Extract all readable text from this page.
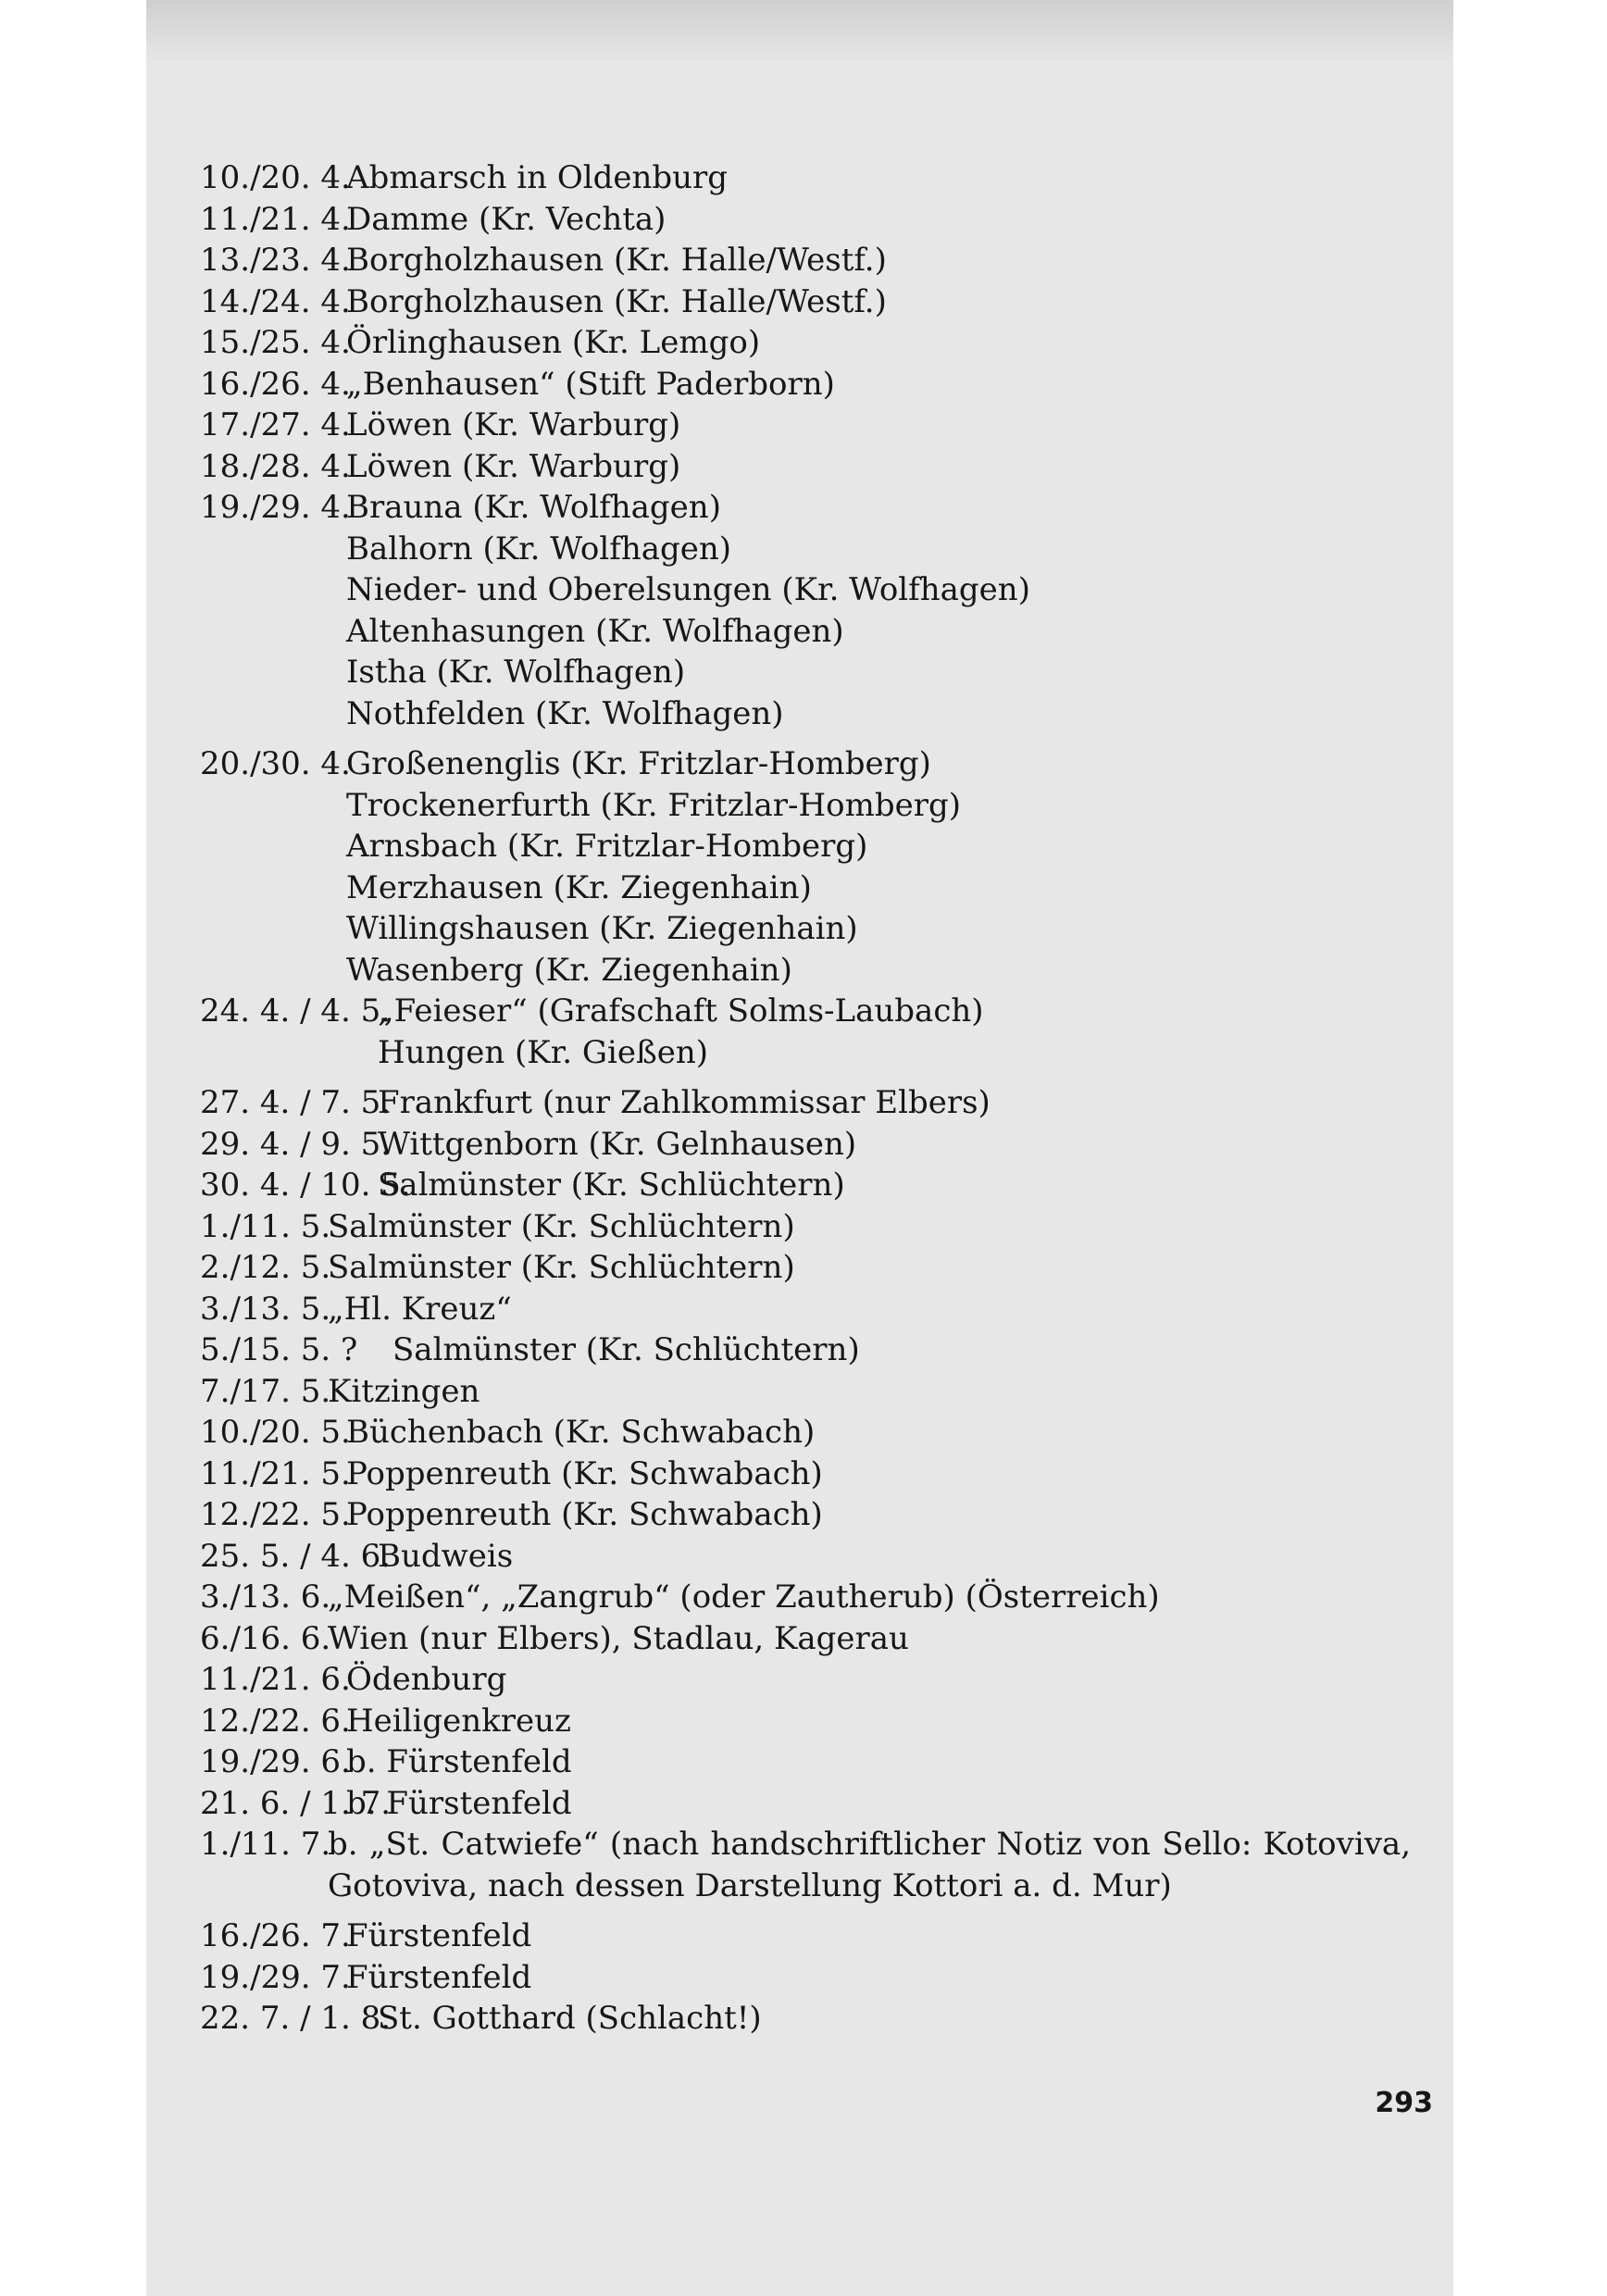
10./20. 4.
Abmarsch in Oldenburg
11./21. 4.
Damme (Kr. Vechta)
13./23. 4.
Borgholzhausen (Kr. Halle/Westf.)
14./24. 4.
Borgholzhausen (Kr. Halle/Westf.)
15./25. 4.
Örlinghausen (Kr. Lemgo)
16./26. 4.
„Benhausen“ (Stift Paderborn)
17./27. 4.
Löwen (Kr. Warburg)
18./28. 4.
Löwen (Kr. Warburg)
19./29. 4.
Brauna (Kr. Wolfhagen)
Balhorn (Kr. Wolfhagen)
Nieder- und Oberelsungen (Kr. Wolfhagen)
Altenhasungen (Kr. Wolfhagen)
Istha (Kr. Wolfhagen)
Nothfelden (Kr. Wolfhagen)
20./30. 4.
Großenenglis (Kr. Fritzlar-Homberg)
Trockenerfurth (Kr. Fritzlar-Homberg)
Arnsbach (Kr. Fritzlar-Homberg)
Merzhausen (Kr. Ziegenhain)
Willingshausen (Kr. Ziegenhain)
Wasenberg (Kr. Ziegenhain)
24. 4. / 4. 5.
„Feieser“ (Grafschaft Solms-Laubach)
Hungen (Kr. Gießen)
27. 4. / 7. 5.
Frankfurt (nur Zahlkommissar Elbers)
29. 4. / 9. 5.
Wittgenborn (Kr. Gelnhausen)
30. 4. / 10. 5.
Salmünster (Kr. Schlüchtern)
1./11. 5.
Salmünster (Kr. Schlüchtern)
2./12. 5.
Salmünster (Kr. Schlüchtern)
3./13. 5.
„Hl. Kreuz“
5./15. 5. ? Salmünster (Kr. Schlüchtern)
7./17. 5.
Kitzingen
10./20. 5.
Büchenbach (Kr. Schwabach)
11./21. 5.
Poppenreuth (Kr. Schwabach)
12./22. 5.
Poppenreuth (Kr. Schwabach)
25. 5. / 4. 6.
Budweis
3./13. 6.
„Meißen“, „Zangrub“ (oder Zautherub) (Österreich)
6./16. 6.
Wien (nur Elbers), Stadlau, Kagerau
11./21. 6.
Ödenburg
12./22. 6.
Heiligenkreuz
19./29. 6.
b. Fürstenfeld
21. 6. / 1. 7.
b. Fürstenfeld
1./11. 7.
b. „St. Catwiefe“ (nach handschriftlicher Notiz von Sello: Kotoviva, Gotoviva, nach dessen Darstellung Kottori a. d. Mur)
16./26. 7.
Fürstenfeld
19./29. 7.
Fürstenfeld
22. 7. / 1. 8.
St. Gotthard (Schlacht!)
293
